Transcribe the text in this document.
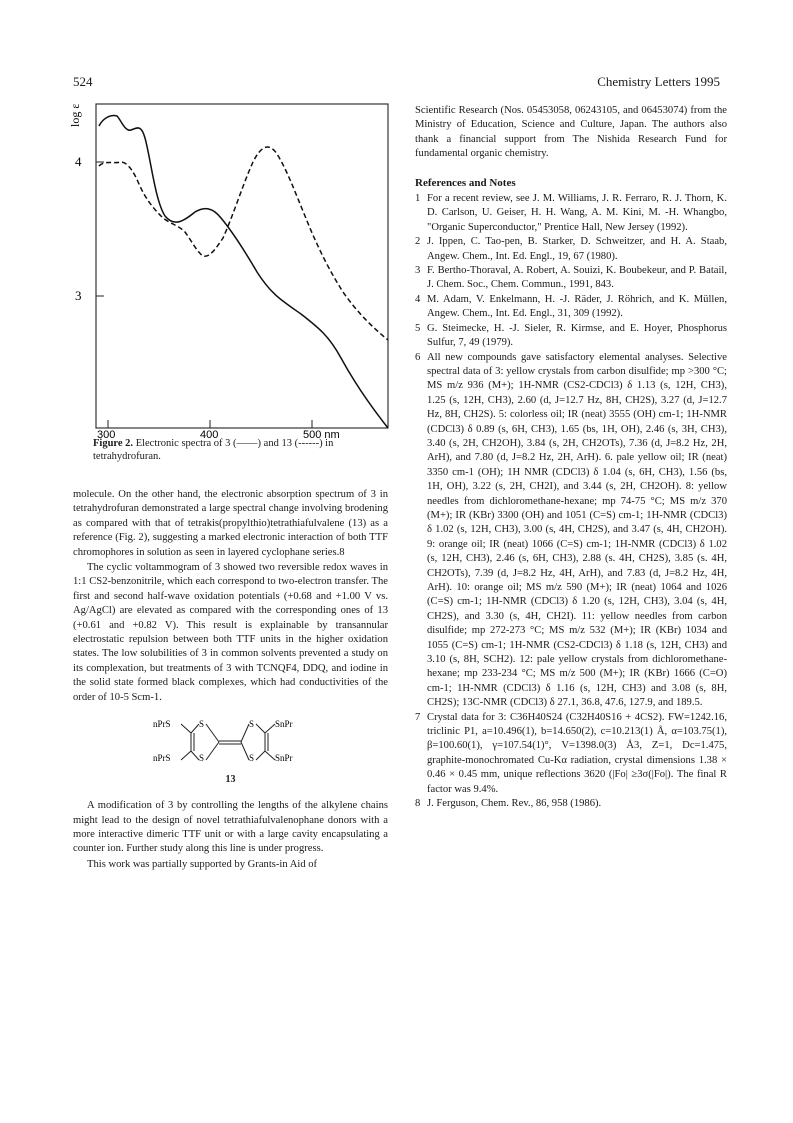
524	Chemistry Letters 1995
log ε
4
3
300	400	500 nm
Figure 2. Electronic spectra of 3 (——) and 13 (------) in tetrahydrofuran.

molecule. On the other hand, the electronic absorption spectrum of 3 in tetrahydrofuran demonstrated a large spectral change involving brodening as compared with that of tetrakis(propylthio)tetrathiafulvalene (13) as a reference (Fig. 2), suggesting a marked electronic interaction of both TTF chromophores in solution as seen in layered cyclophane series.8

The cyclic voltammogram of 3 showed two reversible redox waves in 1:1 CS2-benzonitrile, which each correspond to two-electron transfer. The first and second half-wave oxidation potentials (+0.68 and +1.00 V vs. Ag/AgCl) are elevated as compared with the corresponding ones of 13 (+0.61 and +0.82 V). This result is explainable by transannular electrostatic repulsion between both TTF units in the higher oxidation states. The low solubilities of 3 in common solvents prevented a study on its complexation, but treatments of 3 with TCNQF4, DDQ, and iodine in the solid state formed black complexes, which had conductivities of the order of 10-5 Scm-1.

nPrS
nPrS
SnPr
SnPr
S
S
S
S
13

A modification of 3 by controlling the lengths of the alkylene chains might lead to the design of novel tetrathiafulvalenophane donors with a more interactive dimeric TTF unit or with a large cavity encapsulating a counter ion. Further study along this line is under progress.

This work was partially supported by Grants-in Aid of

Scientific Research (Nos. 05453058, 06243105, and 06453074) from the Ministry of Education, Science and Culture, Japan. The authors also thank a financial support from The Nishida Research Fund for fundamental organic chemistry.

References and Notes
1 For a recent review, see J. M. Williams, J. R. Ferraro, R. J. Thorn, K. D. Carlson, U. Geiser, H. H. Wang, A. M. Kini, M. -H. Whangbo, "Organic Superconductor," Prentice Hall, New Jersey (1992).
2 J. Ippen, C. Tao-pen, B. Starker, D. Schweitzer, and H. A. Staab, Angew. Chem., Int. Ed. Engl., 19, 67 (1980).
3 F. Bertho-Thoraval, A. Robert, A. Souizi, K. Boubekeur, and P. Batail, J. Chem. Soc., Chem. Commun., 1991, 843.
4 M. Adam, V. Enkelmann, H. -J. Räder, J. Röhrich, and K. Müllen, Angew. Chem., Int. Ed. Engl., 31, 309 (1992).
5 G. Steimecke, H. -J. Sieler, R. Kirmse, and E. Hoyer, Phosphorus Sulfur, 7, 49 (1979).
6 All new compounds gave satisfactory elemental analyses. Selective spectral data of 3: yellow crystals from carbon disulfide; mp >300 °C; MS m/z 936 (M+); 1H-NMR (CS2-CDCl3) δ 1.13 (s, 12H, CH3), 1.25 (s, 12H, CH3), 2.60 (d, J=12.7 Hz, 8H, CH2S), 3.27 (d, J=12.7 Hz, 8H, CH2S). 5: colorless oil; IR (neat) 3555 (OH) cm-1; 1H-NMR (CDCl3) δ 0.89 (s, 6H, CH3), 1.65 (bs, 1H, OH), 2.46 (s, 3H, CH3), 3.40 (s, 2H, CH2OH), 3.84 (s, 2H, CH2OTs), 7.36 (d, J=8.2 Hz, 2H, ArH), and 7.80 (d, J=8.2 Hz, 2H, ArH). 6. pale yellow oil; IR (neat) 3350 cm-1 (OH); 1H NMR (CDCl3) δ 1.04 (s, 6H, CH3), 1.56 (bs, 1H, OH), 3.22 (s, 2H, CH2I), and 3.44 (s, 2H, CH2OH). 8: yellow needles from dichloromethane-hexane; mp 74-75 °C; MS m/z 370 (M+); IR (KBr) 3300 (OH) and 1051 (C=S) cm-1; 1H-NMR (CDCl3) δ 1.02 (s, 12H, CH3), 3.00 (s, 4H, CH2S), and 3.47 (s, 4H, CH2OH). 9: orange oil; IR (neat) 1066 (C=S) cm-1; 1H-NMR (CDCl3) δ 1.02 (s, 12H, CH3), 2.46 (s, 6H, CH3), 2.88 (s. 4H, CH2S), 3.85 (s. 4H, CH2OTs), 7.39 (d, J=8.2 Hz, 4H, ArH), and 7.83 (d, J=8.2 Hz, 4H, ArH). 10: orange oil; MS m/z 590 (M+); IR (neat) 1064 and 1026 (C=S) cm-1; 1H-NMR (CDCl3) δ 1.20 (s, 12H, CH3), 3.04 (s, 4H, CH2S), and 3.30 (s, 4H, CH2I). 11: yellow needles from carbon disulfide; mp 272-273 °C; MS m/z 532 (M+); IR (KBr) 1034 and 1055 (C=S) cm-1; 1H-NMR (CS2-CDCl3) δ 1.18 (s, 12H, CH3) and 3.10 (s, 8H, SCH2). 12: pale yellow crystals from dichloromethane-hexane; mp 233-234 °C; MS m/z 500 (M+); IR (KBr) 1666 (C=O) cm-1; 1H-NMR (CDCl3) δ 1.16 (s, 12H, CH3) and 3.08 (s, 8H, CH2S); 13C-NMR (CDCl3) δ 27.1, 36.8, 47.6, 127.9, and 189.5.
7 Crystal data for 3: C36H40S24 (C32H40S16 + 4CS2). FW=1242.16, triclinic P1, a=10.496(1), b=14.650(2), c=10.213(1) Å, α=103.75(1), β=100.60(1), γ=107.54(1)°, V=1398.0(3) Å3, Z=1, Dc=1.475, graphite-monochromated Cu-Kα radiation, crystal dimensions 1.38 × 0.46 × 0.45 mm, unique reflections 3620 (|Fo| ≥3σ(|Fo|). The final R factor was 9.4%.
8 J. Ferguson, Chem. Rev., 86, 958 (1986).
